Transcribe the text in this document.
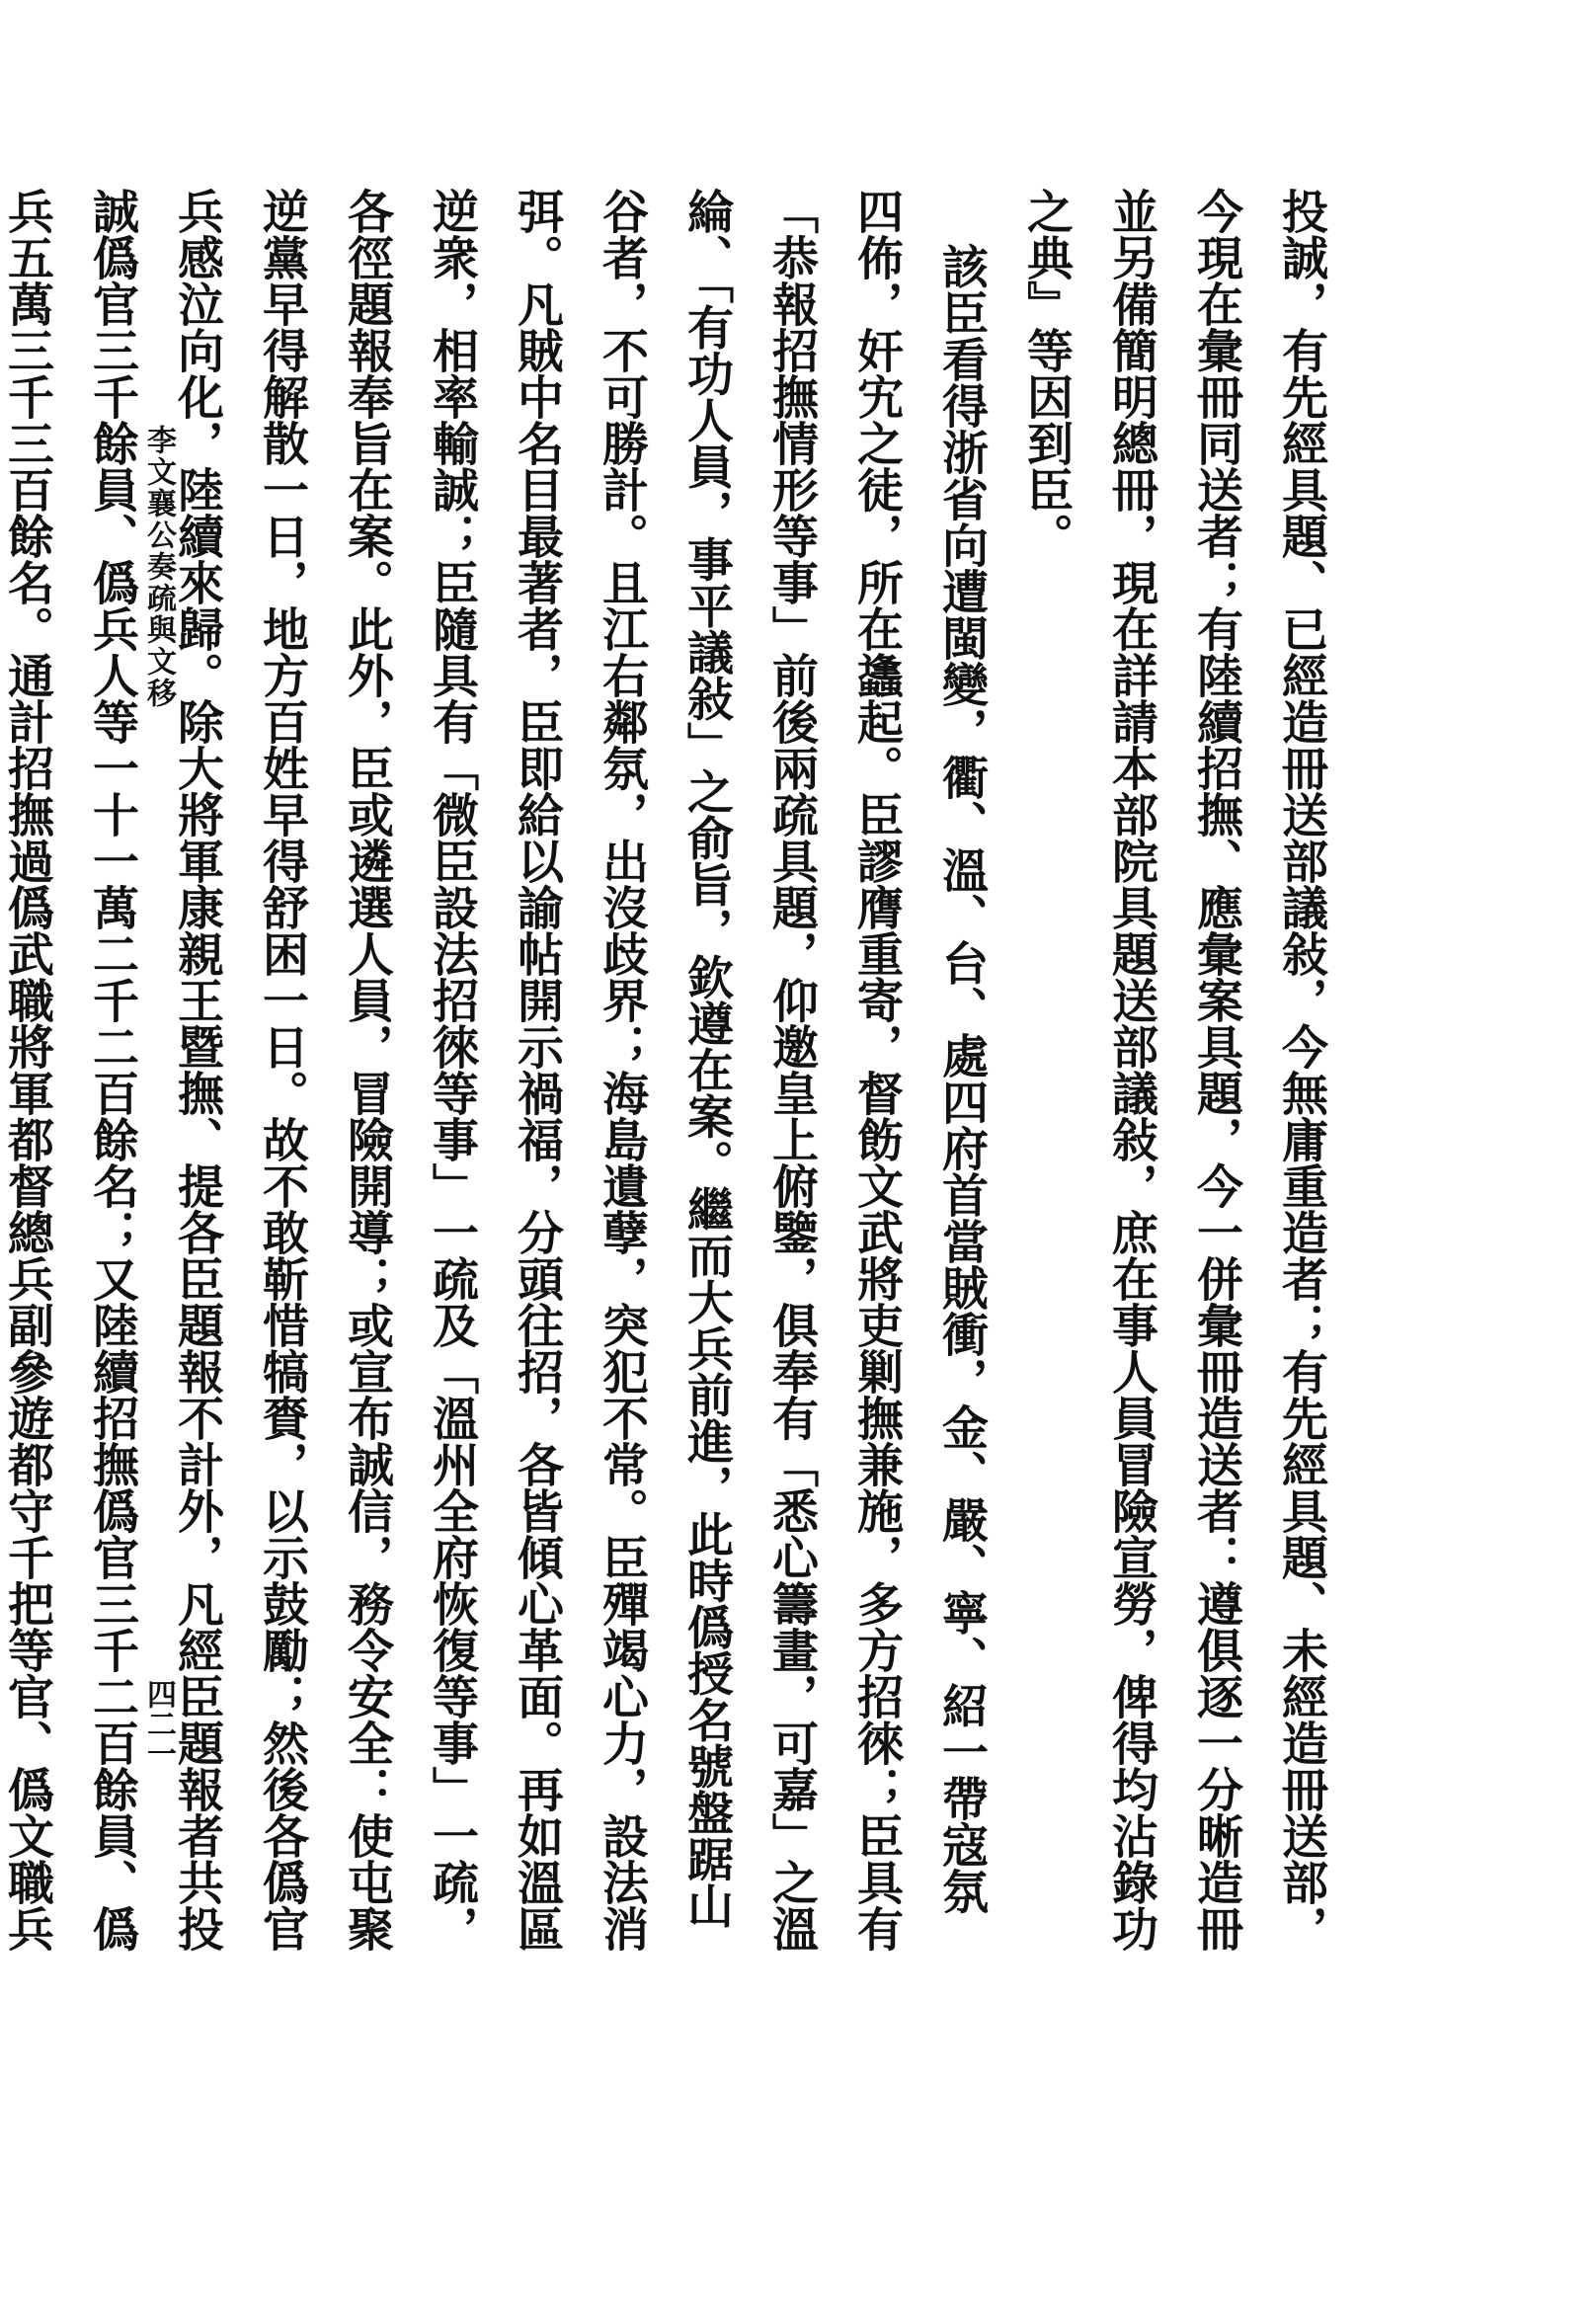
投誠，有先經具題、已經造冊送部議敍，今無庸重造者；有先經具題、未經造冊送部，
今現在彙冊同送者；有陸續招撫、應彙案具題，今一併彙冊造送者：遵俱逐一分晰造冊
並另備簡明總冊，現在詳請本部院具題送部議敍，庶在事人員冒險宣勞，俾得均沾錄功
之典』等因到臣。
該臣看得浙省向遭閩變，衢、溫、台、處四府首當賊衝，金、嚴、寧、紹一帶寇氛
四佈，奸宄之徒，所在蠭起。臣謬膺重寄，督飭文武將吏剿撫兼施，多方招徠；臣具有
「恭報招撫情形等事」前後兩疏具題，仰邀皇上俯鑒，俱奉有「悉心籌畫，可嘉」之溫
綸、「有功人員，事平議敍」之俞旨，欽遵在案。繼而大兵前進，此時僞授名號盤踞山
谷者，不可勝計。且江右鄰氛，出沒歧界；海島遺孽，突犯不常。臣殫竭心力，設法消
弭。凡賊中名目最著者，臣即給以諭帖開示禍福，分頭往招，各皆傾心革面。再如溫區
逆衆，相率輸誠；臣隨具有「微臣設法招徠等事」一疏及「溫州全府恢復等事」一疏，
各徑題報奉旨在案。此外，臣或遴選人員，冒險開導；或宣布誠信，務令安全：使屯聚
逆黨早得解散一日，地方百姓早得舒困一日。故不敢靳惜犒賚，以示鼓勵；然後各僞官
兵感泣向化，陸續來歸。除大將軍康親王暨撫、提各臣題報不計外，凡經臣題報者共投
誠僞官三千餘員、僞兵人等一十一萬二千二百餘名；又陸續招撫僞官三千二百餘員、僞
兵五萬三千三百餘名。通計招撫過僞武職將軍都督總兵副參遊都守千把等官、僞文職兵	李文襄公奏疏與文移
四二一
